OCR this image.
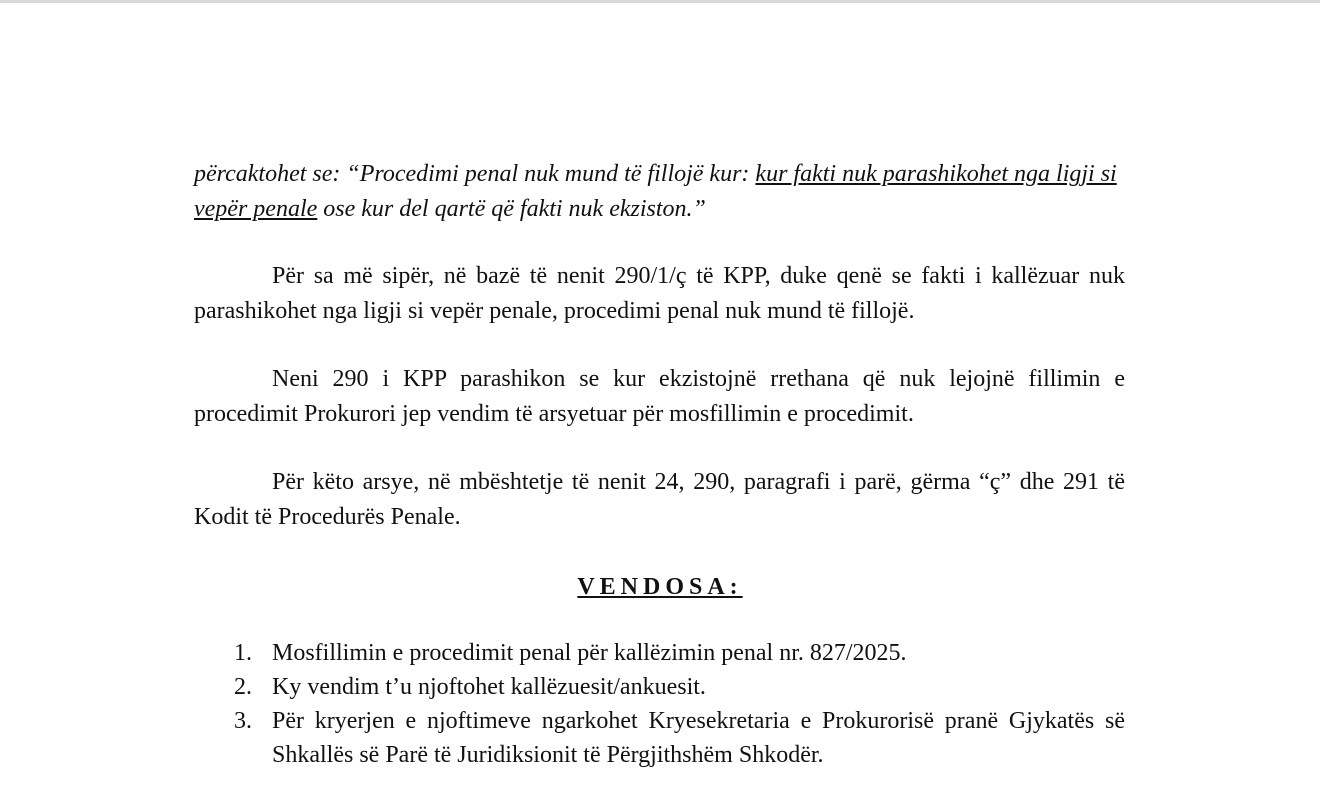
përcaktohet se: “Procedimi penal nuk mund të fillojë kur: kur fakti nuk parashikohet nga ligji si vepër penale ose kur del qartë që fakti nuk ekziston.”
Për sa më sipër, në bazë të nenit 290/1/ç të KPP, duke qenë se fakti i kallëzuar nuk parashikohet nga ligji si vepër penale, procedimi penal nuk mund të fillojë.
Neni 290 i KPP parashikon se kur ekzistojnë rrethana që nuk lejojnë fillimin e procedimit Prokurori jep vendim të arsyetuar për mosfillimin e procedimit.
Për këto arsye, në mbështetje të nenit 24, 290, paragrafi i parë, gërma “ç” dhe 291 të Kodit të Procedurës Penale.
VENDOSA:
1. Mosfillimin e procedimit penal për kallëzimin penal nr. 827/2025.
2. Ky vendim t’u njoftohet kallëzuesit/ankuesit.
3. Për kryerjen e njoftimeve ngarkohet Kryesekretaria e Prokurorisë pranë Gjykatës së Shkallës së Parë të Juridiksionit të Përgjithshëm Shkodër.
